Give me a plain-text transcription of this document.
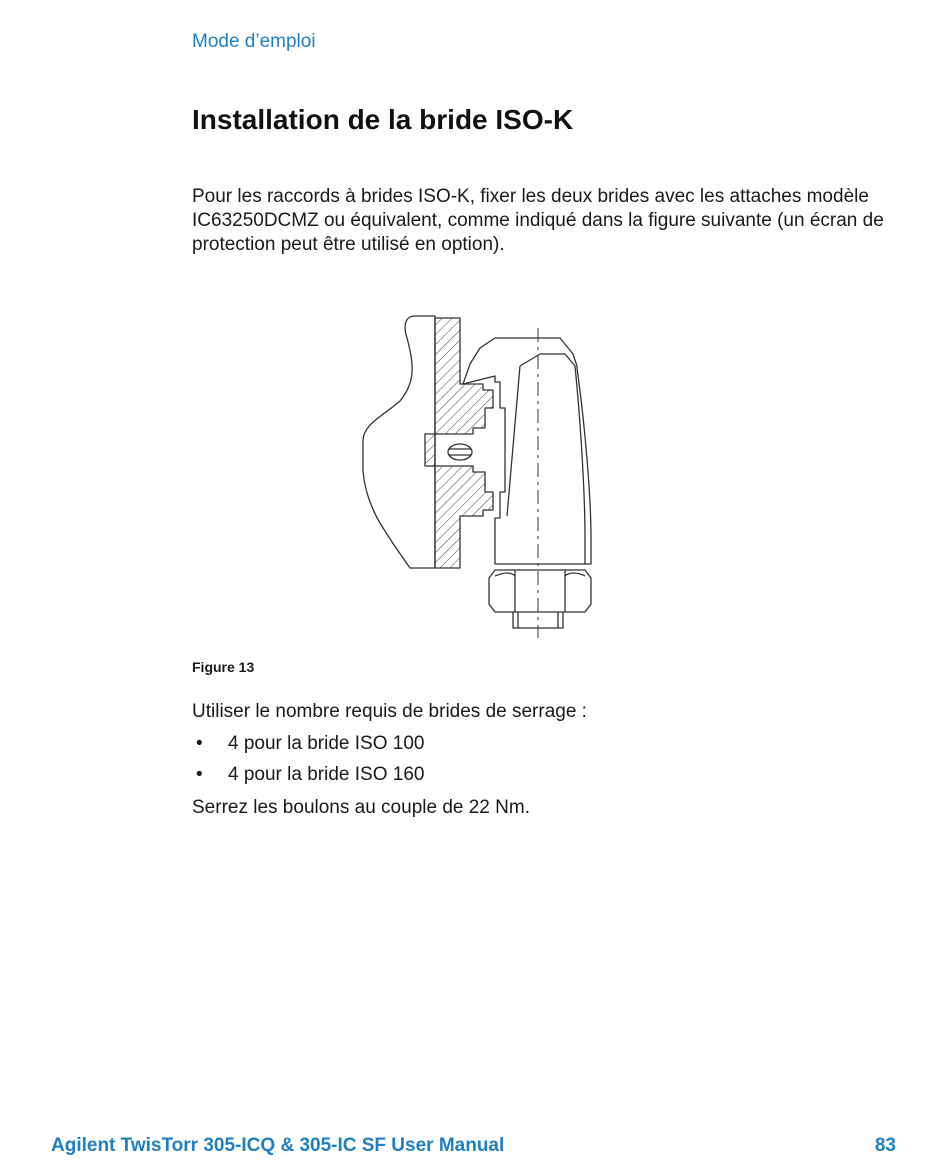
Mode d’emploi
Installation de la bride ISO-K

Pour les raccords à brides ISO-K, fixer les deux brides avec les attaches modèle IC63250DCMZ ou équivalent, comme indiqué dans la figure suivante (un écran de protection peut être utilisé en option).

Figure 13

Utiliser le nombre requis de brides de serrage :

• 4 pour la bride ISO 100
• 4 pour la bride ISO 160

Serrez les boulons au couple de 22 Nm.

Agilent TwisTorr 305-ICQ & 305-IC SF User Manual	83
